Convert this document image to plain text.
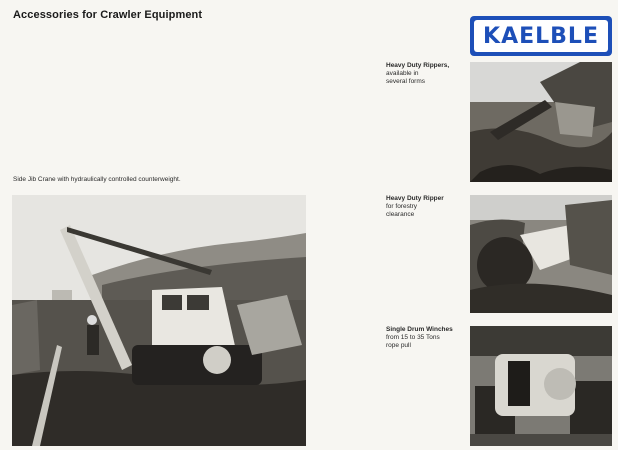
Accessories for Crawler Equipment
KAELBLE
Heavy Duty Rippers,
available in
several forms
Heavy Duty Ripper
for forestry
clearance
Single Drum Winches
from 15 to 35 Tons
rope pull
Side Jib Crane with hydraulically controlled counterweight.
